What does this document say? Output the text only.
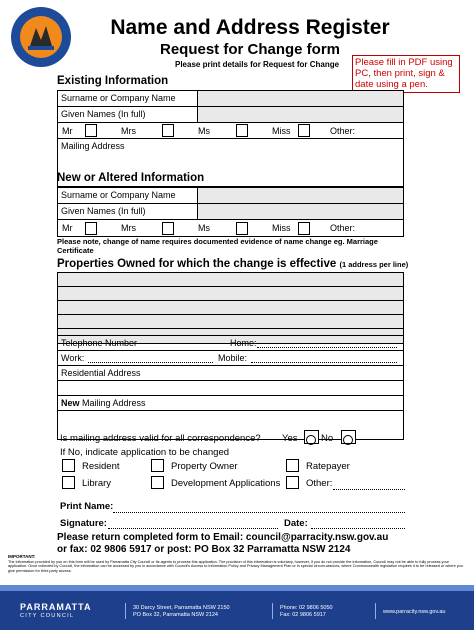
Name and Address Register
Request for Change form
Please print details for Request for Change	Please fill in PDF using PC, then print, sign & date using a pen.
Existing Information
Surname or Company Name
Given Names (In full)
Mr	Mrs	Ms	Miss	Other:
Mailing Address
New or Altered Information
Surname or Company Name
Given Names (In full)
Mr	Mrs	Ms	Miss	Other:
Please note, change of name requires documented evidence of name change eg. Marriage Certificate
Properties Owned for which the change is effective (1 address per line)
Telephone Number	Home:
Work:	Mobile:
Residential Address
New Mailing Address
Is mailing address valid for all correspondence? Yes No
If No, indicate application to be changed
Resident	Property Owner	Ratepayer
Library	Development Applications	Other:
Print Name:
Signature:	Date:
Please return completed form to Email: council@parracity.nsw.gov.au
or fax: 02 9806 5917 or post: PO Box 32 Parramatta NSW 2124
IMPORTANT:
The information provided by you on this form will be used by Parramatta City Council or its agents to process this application. The provision of this information is voluntary, however, if you do not provide the information, Council may not be able to fully process your application. Once collected by Council, the information can be accessed by you in accordance with Council's Access to Information Policy and Privacy Management Plan or in special circum-stances, where Commonwealth legislation requires it to be released or where you give permission for third party access.
PARRAMATTA
CITY COUNCIL
30 Darcy Street, Parramatta NSW 2150
PO Box 32, Parramatta NSW 2124
Phone: 02 9806 5050
Fax: 02 9806 5917	www.parracity.nsw.gov.au
